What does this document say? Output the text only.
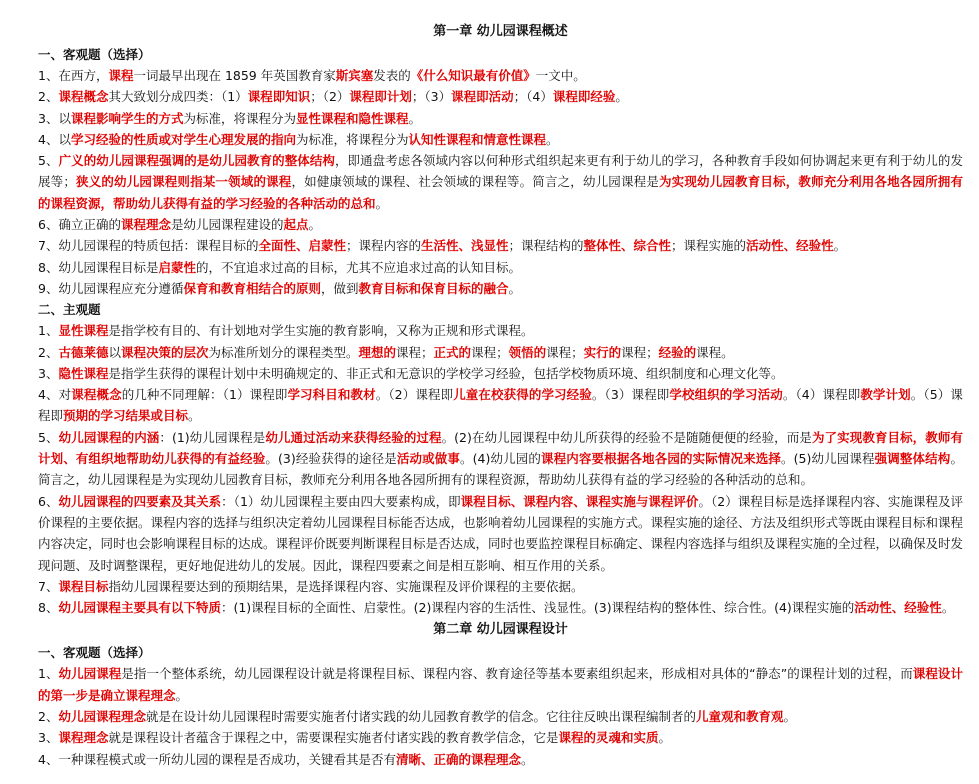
第一章 幼儿园课程概述
一、客观题（选择）
1、在西方，课程一词最早出现在 1859 年英国教育家斯宾塞发表的《什么知识最有价值》一文中。
2、课程概念其大致划分成四类：（1）课程即知识；（2）课程即计划；（3）课程即活动；（4）课程即经验。
3、以课程影响学生的方式为标准，将课程分为显性课程和隐性课程。
4、以学习经验的性质或对学生心理发展的指向为标准，将课程分为认知性课程和情意性课程。
5、广义的幼儿园课程强调的是幼儿园教育的整体结构，即通盘考虑各领域内容以何种形式组织起来更有利于幼儿的学习，各种教育手段如何协调起来更有利于幼儿的发展等；狭义的幼儿园课程则指某一领域的课程，如健康领域的课程、社会领域的课程等。简言之，幼儿园课程是为实现幼儿园教育目标，教师充分利用各地各园所拥有的课程资源，帮助幼儿获得有益的学习经验的各种活动的总和。
6、确立正确的课程理念是幼儿园课程建设的起点。
7、幼儿园课程的特质包括：课程目标的全面性、启蒙性；课程内容的生活性、浅显性；课程结构的整体性、综合性；课程实施的活动性、经验性。
8、幼儿园课程目标是启蒙性的，不宜追求过高的目标，尤其不应追求过高的认知目标。
9、幼儿园课程应充分遵循保育和教育相结合的原则，做到教育目标和保育目标的融合。
二、主观题
1、显性课程是指学校有目的、有计划地对学生实施的教育影响，又称为正规和形式课程。
2、古德莱德以课程决策的层次为标准所划分的课程类型。理想的课程；正式的课程；领悟的课程；实行的课程；经验的课程。
3、隐性课程是指学生获得的课程计划中未明确规定的、非正式和无意识的学校学习经验，包括学校物质环境、组织制度和心理文化等。
4、对课程概念的几种不同理解：（1）课程即学习科目和教材。（2）课程即儿童在校获得的学习经验。（3）课程即学校组织的学习活动。（4）课程即教学计划。（5）课程即预期的学习结果或目标。
5、幼儿园课程的内涵：(1)幼儿园课程是幼儿通过活动来获得经验的过程。(2)在幼儿园课程中幼儿所获得的经验不是随随便便的经验，而是为了实现教育目标，教师有计划、有组织地帮助幼儿获得的有益经验。(3)经验获得的途径是活动或做事。(4)幼儿园的课程内容要根据各地各园的实际情况来选择。(5)幼儿园课程强调整体结构。简言之，幼儿园课程是为实现幼儿园教育目标，教师充分利用各地各园所拥有的课程资源，帮助幼儿获得有益的学习经验的各种活动的总和。
6、幼儿园课程的四要素及其关系：（1）幼儿园课程主要由四大要素构成，即课程目标、课程内容、课程实施与课程评价。（2）课程目标是选择课程内容、实施课程及评价课程的主要依据。课程内容的选择与组织决定着幼儿园课程目标能否达成，也影响着幼儿园课程的实施方式。课程实施的途径、方法及组织形式等既由课程目标和课程内容决定，同时也会影响课程目标的达成。课程评价既要判断课程目标是否达成，同时也要监控课程目标确定、课程内容选择与组织及课程实施的全过程，以确保及时发现问题、及时调整课程，更好地促进幼儿的发展。因此，课程四要素之间是相互影响、相互作用的关系。
7、课程目标指幼儿园课程要达到的预期结果，是选择课程内容、实施课程及评价课程的主要依据。
8、幼儿园课程主要具有以下特质：(1)课程目标的全面性、启蒙性。(2)课程内容的生活性、浅显性。(3)课程结构的整体性、综合性。(4)课程实施的活动性、经验性。
第二章 幼儿园课程设计
一、客观题（选择）
1、幼儿园课程是指一个整体系统，幼儿园课程设计就是将课程目标、课程内容、教育途径等基本要素组织起来，形成相对具体的“静态”的课程计划的过程，而课程设计的第一步是确立课程理念。
2、幼儿园课程理念就是在设计幼儿园课程时需要实施者付诸实践的幼儿园教育教学的信念。它往往反映出课程编制者的儿童观和教育观。
3、课程理念就是课程设计者蕴含于课程之中，需要课程实施者付诸实践的教育教学信念，它是课程的灵魂和实质。
4、一种课程模式或一所幼儿园的课程是否成功，关键看其是否有清晰、正确的课程理念。
